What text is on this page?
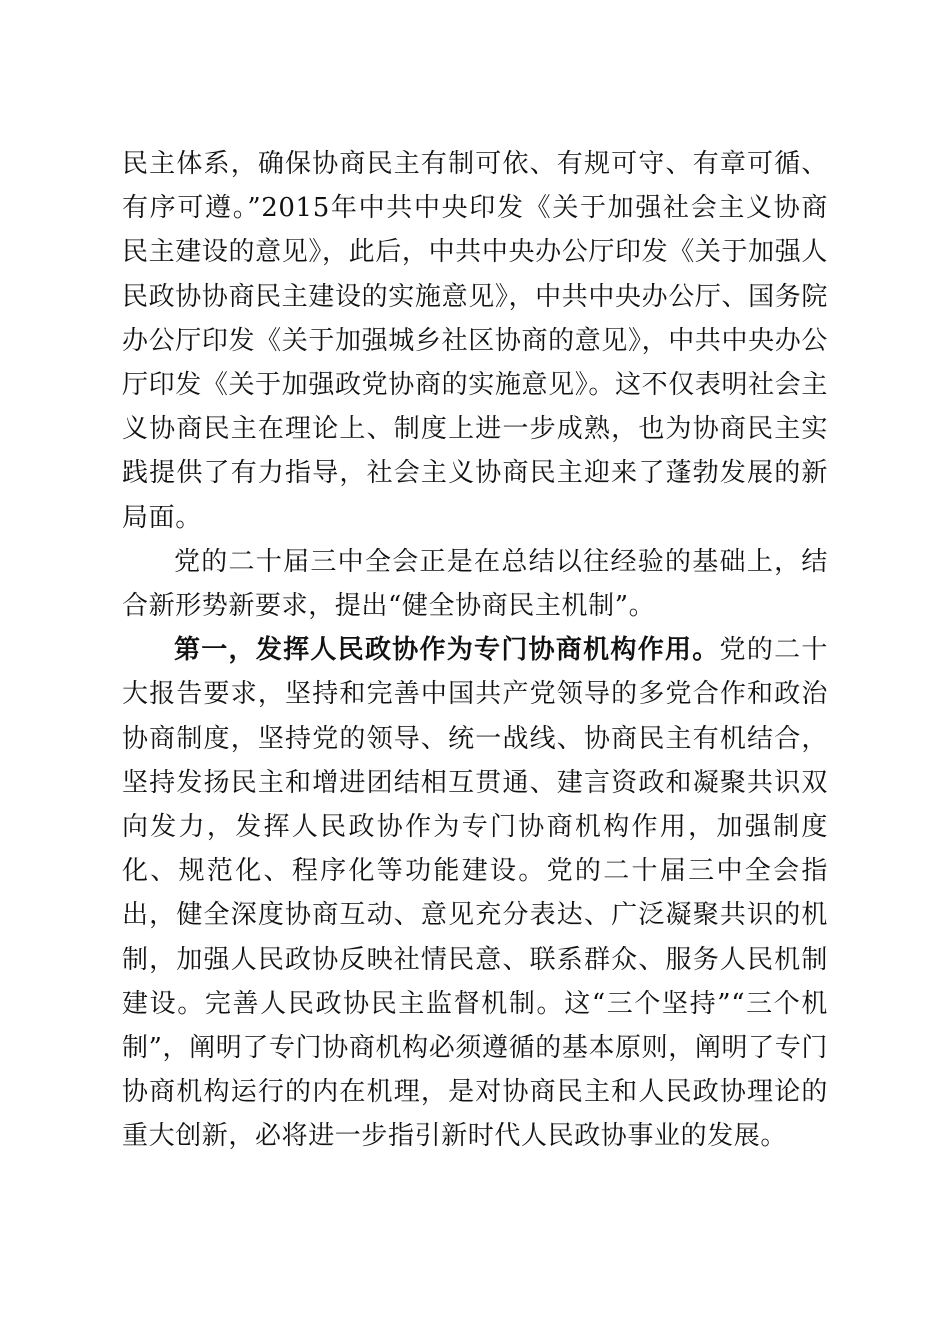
民主体系，确保协商民主有制可依、有规可守、有章可循、有序可遵。”2015年中共中央印发《关于加强社会主义协商民主建设的意见》，此后，中共中央办公厅印发《关于加强人民政协协商民主建设的实施意见》，中共中央办公厅、国务院办公厅印发《关于加强城乡社区协商的意见》，中共中央办公厅印发《关于加强政党协商的实施意见》。这不仅表明社会主义协商民主在理论上、制度上进一步成熟，也为协商民主实践提供了有力指导，社会主义协商民主迎来了蓬勃发展的新局面。

党的二十届三中全会正是在总结以往经验的基础上，结合新形势新要求，提出“健全协商民主机制”。

第一，发挥人民政协作为专门协商机构作用。党的二十大报告要求，坚持和完善中国共产党领导的多党合作和政治协商制度，坚持党的领导、统一战线、协商民主有机结合，坚持发扬民主和增进团结相互贯通、建言资政和凝聚共识双向发力，发挥人民政协作为专门协商机构作用，加强制度化、规范化、程序化等功能建设。党的二十届三中全会指出，健全深度协商互动、意见充分表达、广泛凝聚共识的机制，加强人民政协反映社情民意、联系群众、服务人民机制建设。完善人民政协民主监督机制。这“三个坚持”“三个机制”，阐明了专门协商机构必须遵循的基本原则，阐明了专门协商机构运行的内在机理，是对协商民主和人民政协理论的重大创新，必将进一步指引新时代人民政协事业的发展。
